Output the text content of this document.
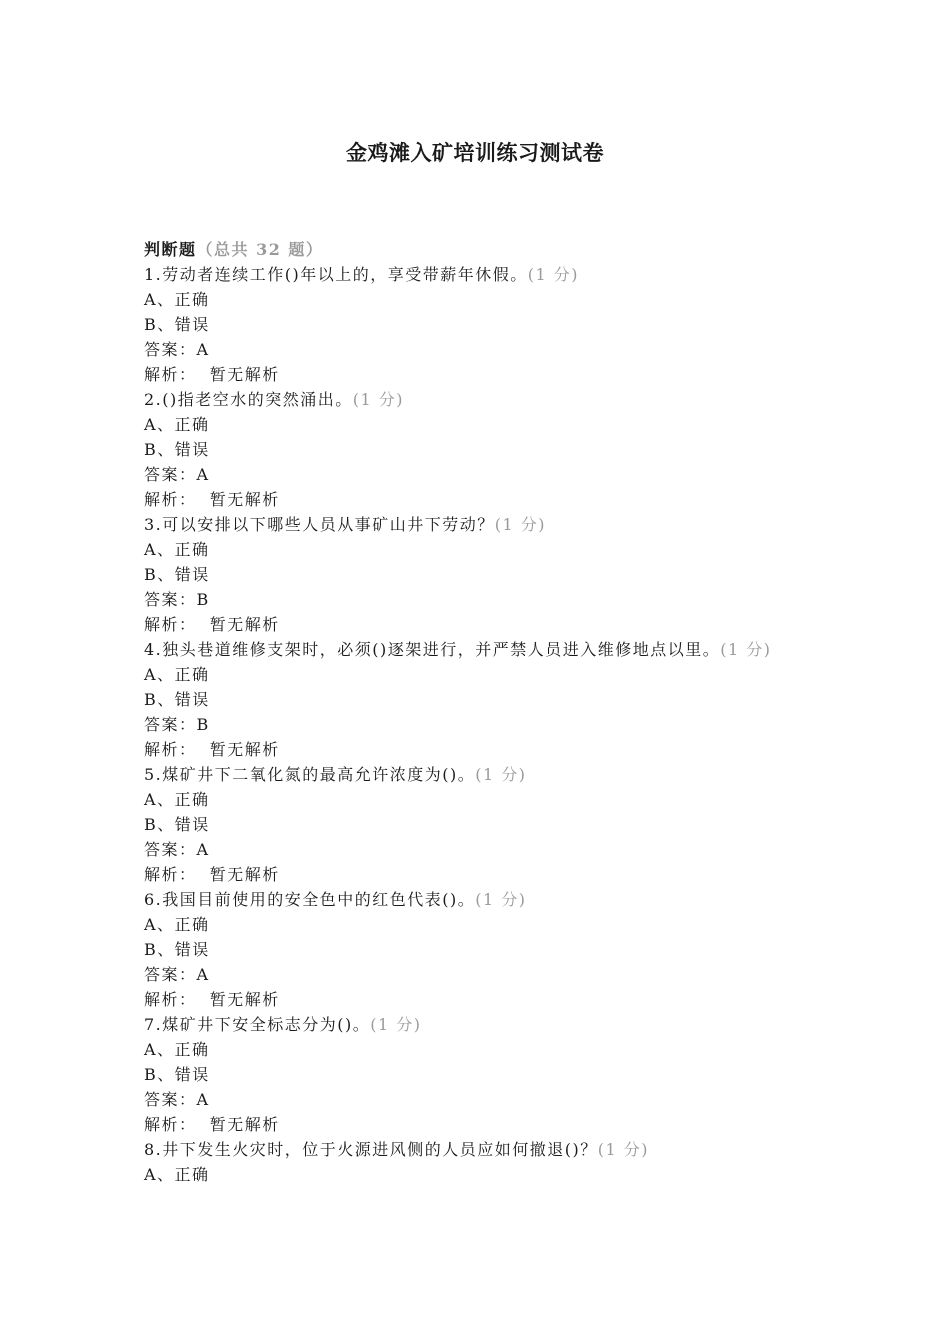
金鸡滩入矿培训练习测试卷
判断题（总共 32 题）
1.劳动者连续工作()年以上的，享受带薪年休假。(1 分)
A、正确
B、错误
答案：A
解析： 暂无解析
2.()指老空水的突然涌出。(1 分)
A、正确
B、错误
答案：A
解析： 暂无解析
3.可以安排以下哪些人员从事矿山井下劳动？(1 分)
A、正确
B、错误
答案：B
解析： 暂无解析
4.独头巷道维修支架时，必须()逐架进行，并严禁人员进入维修地点以里。(1 分)
A、正确
B、错误
答案：B
解析： 暂无解析
5.煤矿井下二氧化氮的最高允许浓度为()。(1 分)
A、正确
B、错误
答案：A
解析： 暂无解析
6.我国目前使用的安全色中的红色代表()。(1 分)
A、正确
B、错误
答案：A
解析： 暂无解析
7.煤矿井下安全标志分为()。(1 分)
A、正确
B、错误
答案：A
解析： 暂无解析
8.井下发生火灾时，位于火源进风侧的人员应如何撤退()？(1 分)
A、正确
